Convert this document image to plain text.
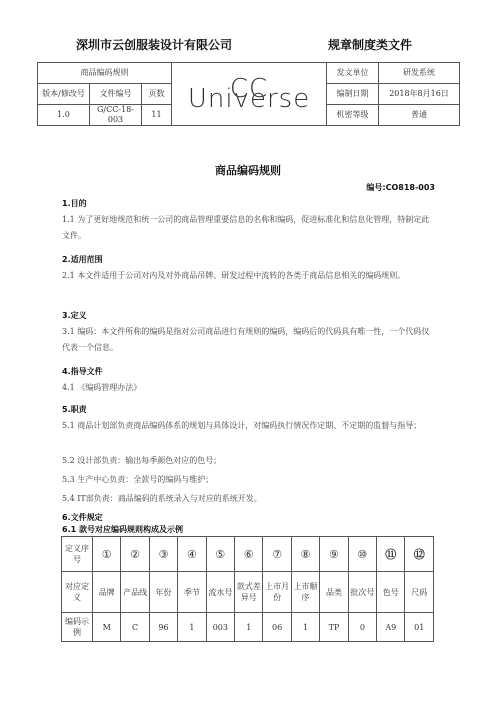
深圳市云创服装设计有限公司	规章制度类文件
商品编码规则			CC Universe	发文单位	研发系统
版本/修改号	文件编号	页数		编制日期	2018年8月16日
1.0	G/CC-18-003	11		机密等级	普通
商品编码规则
编号:CO818-003
1.目的
1.1 为了更好地规范和统一公司的商品管理重要信息的名称和编码，促进标准化和信息化管理，特制定此文件。
2.适用范围
2.1 本文件适用于公司对内及对外商品吊牌、研发过程中流转的各类于商品信息相关的编码规则。
3.定义
3.1 编码：本文件所称的编码是指对公司商品进行有规则的编码，编码后的代码具有唯一性，一个代码仅代表一个信息。
4.指导文件
4.1 《编码管理办法》
5.职责
5.1 商品计划部负责商品编码体系的规划与具体设计，对编码执行情况作定期、不定期的监督与指导；
5.2 设计部负责：输出每季颜色对应的色号；
5.3 生产中心负责：全款号的编码与维护；
5.4 IT部负责：商品编码的系统录入与对应的系统开发。
6.文件规定
6.1 款号对应编码规则构成及示例
定义序号	①	②	③	④	⑤	⑥	⑦	⑧	⑨	⑩	⑪	⑫
对应定义	品牌	产品线	年份	季节	流水号	款式差异号	上市月份	上市顺序	品类	批次号	色号	尺码
编码示例	M	C	96	1	003	1	06	1	TP	0	A9	01
